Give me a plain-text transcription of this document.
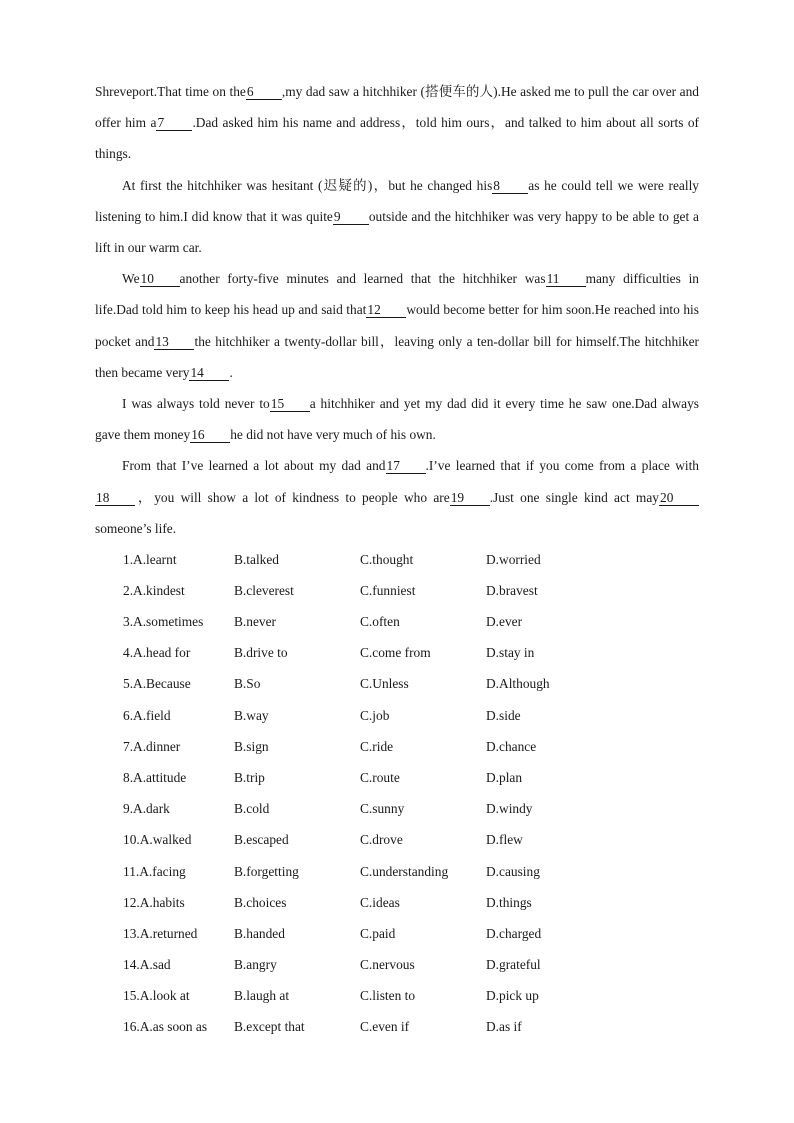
Shreveport.That time on the6 ,my dad saw a hitchhiker (搭便车的人).He asked me to pull the car over and offer him a7 .Dad asked him his name and address，told him ours，and talked to him about all sorts of things.

At first the hitchhiker was hesitant (迟疑的)，but he changed his8 as he could tell we were really listening to him.I did know that it was quite9 outside and the hitchhiker was very happy to be able to get a lift in our warm car.

We10 another forty-five minutes and learned that the hitchhiker was11 many difficulties in life.Dad told him to keep his head up and said that12 would become better for him soon.He reached into his pocket and13 the hitchhiker a twenty-dollar bill，leaving only a ten-dollar bill for himself.The hitchhiker then became very14 .

I was always told never to15 a hitchhiker and yet my dad did it every time he saw one.Dad always gave them money16 he did not have very much of his own.

From that I’ve learned a lot about my dad and17 .I’ve learned that if you come from a place with18 ，you will show a lot of kindness to people who are19 .Just one single kind act may20someone’s life.

1.A.learnt	B.talked	C.thought	D.worried
2.A.kindest	B.cleverest	C.funniest	D.bravest
3.A.sometimes	B.never	C.often	D.ever
4.A.head for	B.drive to	C.come from	D.stay in
5.A.Because	B.So	C.Unless	D.Although
6.A.field	B.way	C.job	D.side
7.A.dinner	B.sign	C.ride	D.chance
8.A.attitude	B.trip	C.route	D.plan
9.A.dark	B.cold	C.sunny	D.windy
10.A.walked	B.escaped	C.drove	D.flew
11.A.facing	B.forgetting	C.understanding	D.causing
12.A.habits	B.choices	C.ideas	D.things
13.A.returned	B.handed	C.paid	D.charged
14.A.sad	B.angry	C.nervous	D.grateful
15.A.look at	B.laugh at	C.listen to	D.pick up
16.A.as soon as	B.except that	C.even if	D.as if
